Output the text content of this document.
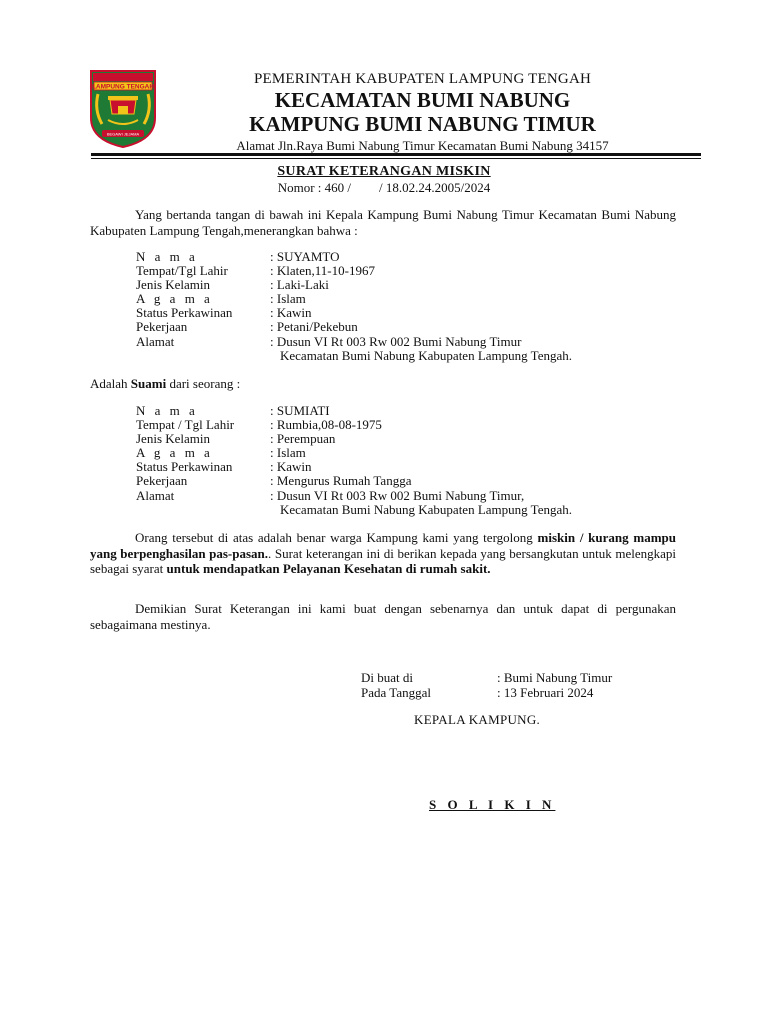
LAMPUNG TENGAH
BEGAWI JEJAMA
PEMERINTAH KABUPATEN LAMPUNG TENGAH
KECAMATAN BUMI NABUNG
KAMPUNG BUMI NABUNG TIMUR
Alamat Jln.Raya Bumi Nabung Timur Kecamatan Bumi Nabung 34157
SURAT KETERANGAN MISKIN
Nomor : 460 / / 18.02.24.2005/2024
Yang bertanda tangan di bawah ini Kepala Kampung Bumi Nabung Timur Kecamatan Bumi Nabung Kabupaten Lampung Tengah,menerangkan bahwa :
N a m a	: SUYAMTO
Tempat/Tgl Lahir	: Klaten,11-10-1967
Jenis Kelamin	: Laki-Laki
A g a m a	: Islam
Status Perkawinan	: Kawin
Pekerjaan	: Petani/Pekebun
Alamat	: Dusun VI Rt 003 Rw 002 Bumi Nabung Timur
Kecamatan Bumi Nabung Kabupaten Lampung Tengah.
Adalah Suami dari seorang :
N a m a	: SUMIATI
Tempat / Tgl Lahir	: Rumbia,08-08-1975
Jenis Kelamin	: Perempuan
A g a m a	: Islam
Status Perkawinan	: Kawin
Pekerjaan	: Mengurus Rumah Tangga
Alamat	: Dusun VI Rt 003 Rw 002 Bumi Nabung Timur,
Kecamatan Bumi Nabung Kabupaten Lampung Tengah.
Orang tersebut di atas adalah benar warga Kampung kami yang tergolong miskin / kurang mampu yang berpenghasilan pas-pasan.. Surat keterangan ini di berikan kepada yang bersangkutan untuk melengkapi sebagai syarat untuk mendapatkan Pelayanan Kesehatan di rumah sakit.
Demikian Surat Keterangan ini kami buat dengan sebenarnya dan untuk dapat di pergunakan sebagaimana mestinya.
Di buat di	: Bumi Nabung Timur
Pada Tanggal	: 13 Februari 2024
KEPALA KAMPUNG.
S O L I K I N
